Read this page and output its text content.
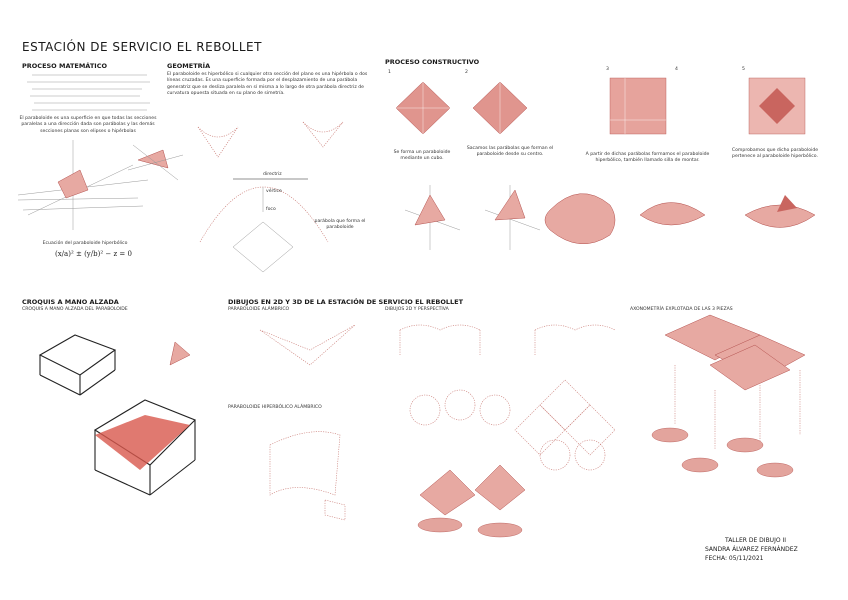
ESTACIÓN DE SERVICIO EL REBOLLET
PROCESO MATEMÁTICO
El paraboloide es una superficie en que todas las secciones paralelas a una dirección dada son parábolas y las demás secciones planas son elipses o hipérbolas
Ecuación del paraboloide hiperbólico
(x/a)² ± (y/b)² − z = 0
GEOMETRÍA
El paraboloide es hiperbólico si cualquier otra sección del plano es una hipérbola o dos líneas cruzadas. Es una superficie formada por el desplazamiento de una parábola generatriz que se desliza paralela en sí misma a lo largo de otra parábola directriz de curvatura opuesta situada en su plano de simetría.
directriz
vértice
foco
parábola que forma el paraboloide
PROCESO CONSTRUCTIVO
1	2
3	4	5
Se forma un paraboloide mediante un cubo.
Sacamos las parábolas que forman el paraboloide desde su centro.	A partir de dichas parábolas formamos el paraboloide hiperbólico, también llamado silla de montar.
Comprobamos que dicho paraboloide pertenece al paraboloide hiperbólico.
CROQUIS A MANO ALZADA
CROQUIS A MANO ALZADA DEL PARABOLOIDE
DIBUJOS EN 2D Y 3D DE LA ESTACIÓN DE SERVICIO EL REBOLLET
PARABOLOIDE ALÁMBRICO
PARABOLOIDE HIPERBÓLICO ALÁMBRICO
DIBUJOS 2D Y PERSPECTIVA	AXONOMETRÍA EXPLOTADA DE LAS 3 PIEZAS
TALLER DE DIBUJO II
SANDRA ÁLVAREZ FERNÁNDEZ
FECHA: 05/11/2021
